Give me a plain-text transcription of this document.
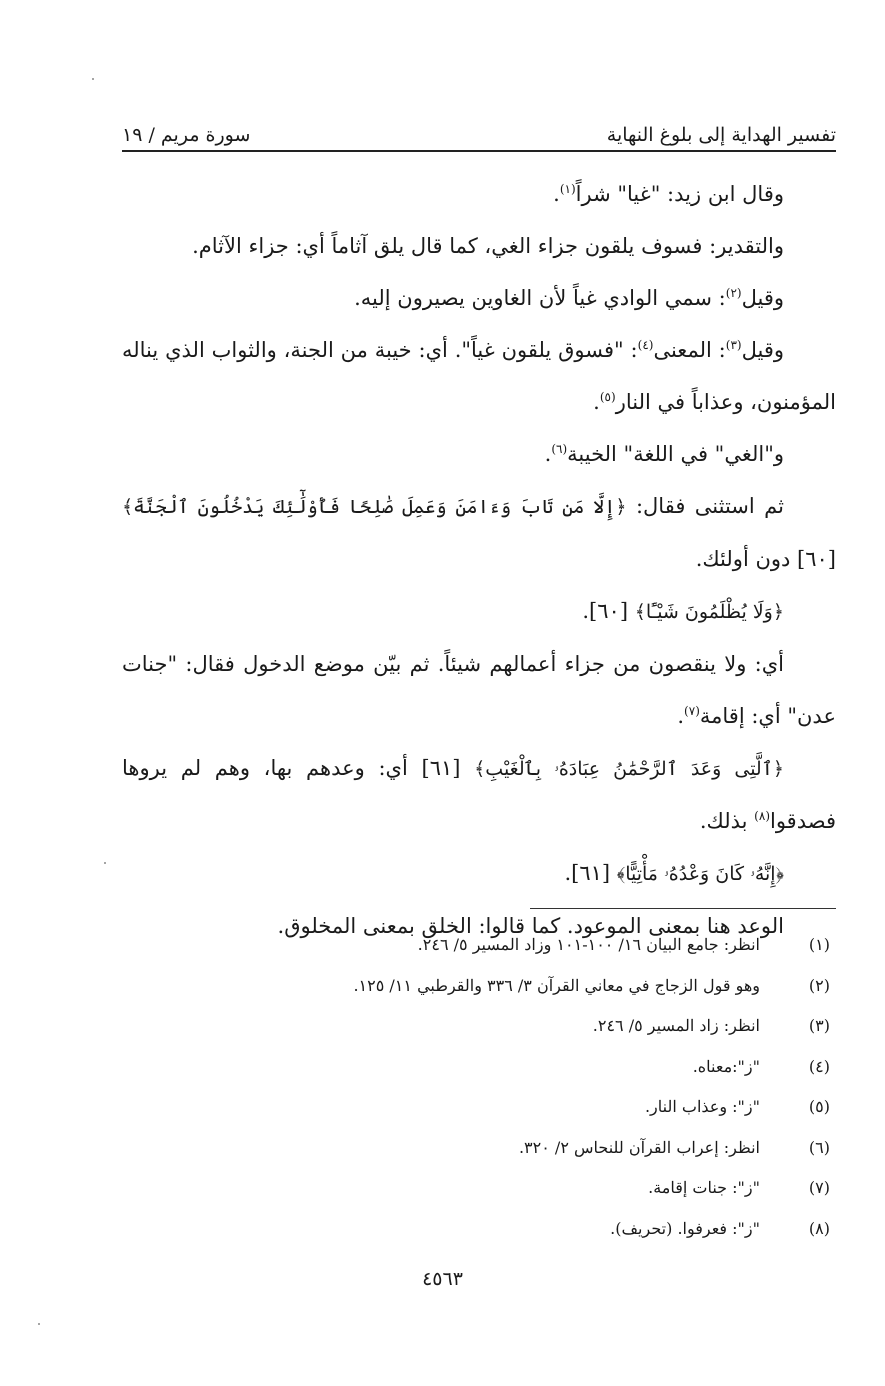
تفسير الهداية إلى بلوغ النهاية
سورة مريم / ١٩

وقال ابن زيد: "غيا" شراً$^{(١)}$.

والتقدير: فسوف يلقون جزاء الغي، كما قال يلق آثاماً أي: جزاء الآثام.

وقيل$^{(٢)}$: سمي الوادي غياً لأن الغاوين يصيرون إليه.

وقيل$^{(٣)}$: المعنى$^{(٤)}$: "فسوق يلقون غياً". أي: خيبة من الجنة، والثواب الذي يناله المؤمنون، وعذاباً في النار$^{(٥)}$.

و"الغي" في اللغة" الخيبة$^{(٦)}$.

ثم استثنى فقال: ﴿إِلَّا مَن تَابَ وَءَامَنَ وَعَمِلَ صَٰلِحًا فَأُوْلَٰٓئِكَ يَدْخُلُونَ ٱلْجَنَّةَ﴾ [٦٠] دون أولئك.

﴿وَلَا يُظْلَمُونَ شَيْـًٔا﴾ [٦٠].

أي: ولا ينقصون من جزاء أعمالهم شيئاً. ثم بيّن موضع الدخول فقال: "جنات عدن" أي: إقامة$^{(٧)}$.

﴿ٱلَّتِى وَعَدَ ٱلرَّحْمَٰنُ عِبَادَهُۥ بِٱلْغَيْبِ﴾ [٦١] أي: وعدهم بها، وهم لم يروها فصدقوا$^{(٨)}$ بذلك.

﴿إِنَّهُۥ كَانَ وَعْدُهُۥ مَأْتِيًّا﴾ [٦١].

الوعد هنا بمعنى الموعود. كما قالوا: الخلق بمعنى المخلوق.

(١)
انظر: جامع البيان ١٦/ ١٠٠-١٠١ وزاد المسير ٥/ ٢٤٦.
(٢)
وهو قول الزجاج في معاني القرآن ٣/ ٣٣٦ والقرطبي ١١/ ١٢٥.
(٣)
انظر: زاد المسير ٥/ ٢٤٦.
(٤)
"ز":معناه.
(٥)
"ز": وعذاب النار.
(٦)
انظر: إعراب القرآن للنحاس ٢/ ٣٢٠.
(٧)
"ز": جنات إقامة.
(٨)
"ز": فعرفوا. (تحريف).
٤٥٦٣
